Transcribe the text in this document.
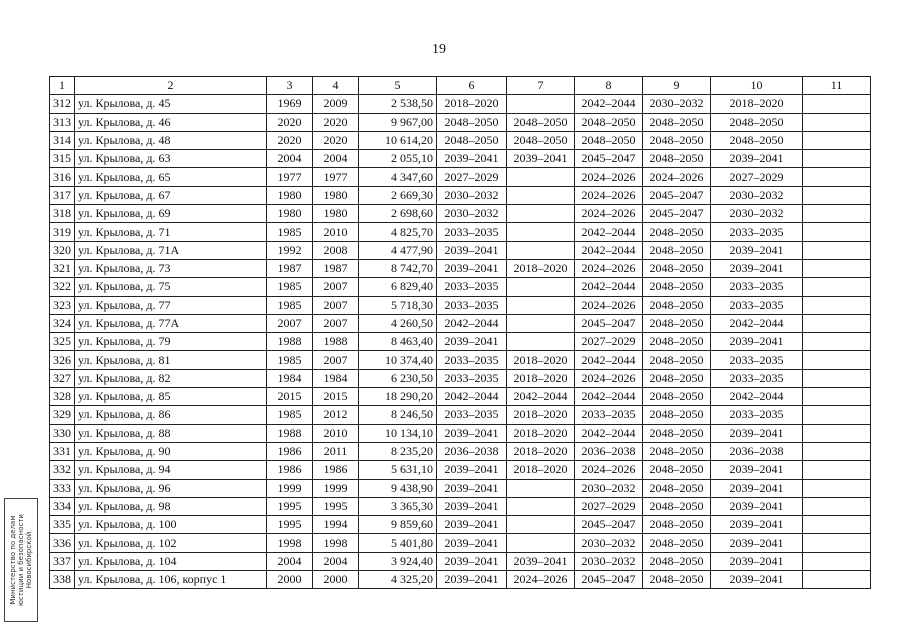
19
1	2	3	4	5	6	7	8	9	10	11
312	ул. Крылова, д. 45	1969	2009	2 538,50	2018–2020		2042–2044	2030–2032	2018–2020	
313	ул. Крылова, д. 46	2020	2020	9 967,00	2048–2050	2048–2050	2048–2050	2048–2050	2048–2050	
314	ул. Крылова, д. 48	2020	2020	10 614,20	2048–2050	2048–2050	2048–2050	2048–2050	2048–2050	
315	ул. Крылова, д. 63	2004	2004	2 055,10	2039–2041	2039–2041	2045–2047	2048–2050	2039–2041	
316	ул. Крылова, д. 65	1977	1977	4 347,60	2027–2029		2024–2026	2024–2026	2027–2029	
317	ул. Крылова, д. 67	1980	1980	2 669,30	2030–2032		2024–2026	2045–2047	2030–2032	
318	ул. Крылова, д. 69	1980	1980	2 698,60	2030–2032		2024–2026	2045–2047	2030–2032	
319	ул. Крылова, д. 71	1985	2010	4 825,70	2033–2035		2042–2044	2048–2050	2033–2035	
320	ул. Крылова, д. 71А	1992	2008	4 477,90	2039–2041		2042–2044	2048–2050	2039–2041	
321	ул. Крылова, д. 73	1987	1987	8 742,70	2039–2041	2018–2020	2024–2026	2048–2050	2039–2041	
322	ул. Крылова, д. 75	1985	2007	6 829,40	2033–2035		2042–2044	2048–2050	2033–2035	
323	ул. Крылова, д. 77	1985	2007	5 718,30	2033–2035		2024–2026	2048–2050	2033–2035	
324	ул. Крылова, д. 77А	2007	2007	4 260,50	2042–2044		2045–2047	2048–2050	2042–2044	
325	ул. Крылова, д. 79	1988	1988	8 463,40	2039–2041		2027–2029	2048–2050	2039–2041	
326	ул. Крылова, д. 81	1985	2007	10 374,40	2033–2035	2018–2020	2042–2044	2048–2050	2033–2035	
327	ул. Крылова, д. 82	1984	1984	6 230,50	2033–2035	2018–2020	2024–2026	2048–2050	2033–2035	
328	ул. Крылова, д. 85	2015	2015	18 290,20	2042–2044	2042–2044	2042–2044	2048–2050	2042–2044	
329	ул. Крылова, д. 86	1985	2012	8 246,50	2033–2035	2018–2020	2033–2035	2048–2050	2033–2035	
330	ул. Крылова, д. 88	1988	2010	10 134,10	2039–2041	2018–2020	2042–2044	2048–2050	2039–2041	
331	ул. Крылова, д. 90	1986	2011	8 235,20	2036–2038	2018–2020	2036–2038	2048–2050	2036–2038	
332	ул. Крылова, д. 94	1986	1986	5 631,10	2039–2041	2018–2020	2024–2026	2048–2050	2039–2041	
333	ул. Крылова, д. 96	1999	1999	9 438,90	2039–2041		2030–2032	2048–2050	2039–2041	
334	ул. Крылова, д. 98	1995	1995	3 365,30	2039–2041		2027–2029	2048–2050	2039–2041	
335	ул. Крылова, д. 100	1995	1994	9 859,60	2039–2041		2045–2047	2048–2050	2039–2041	
336	ул. Крылова, д. 102	1998	1998	5 401,80	2039–2041		2030–2032	2048–2050	2039–2041	
337	ул. Крылова, д. 104	2004	2004	3 924,40	2039–2041	2039–2041	2030–2032	2048–2050	2039–2041	
338	ул. Крылова, д. 106, корпус 1	2000	2000	4 325,20	2039–2041	2024–2026	2045–2047	2048–2050	2039–2041	
Министерство по делам юстиции и безопасности Новосибирской
